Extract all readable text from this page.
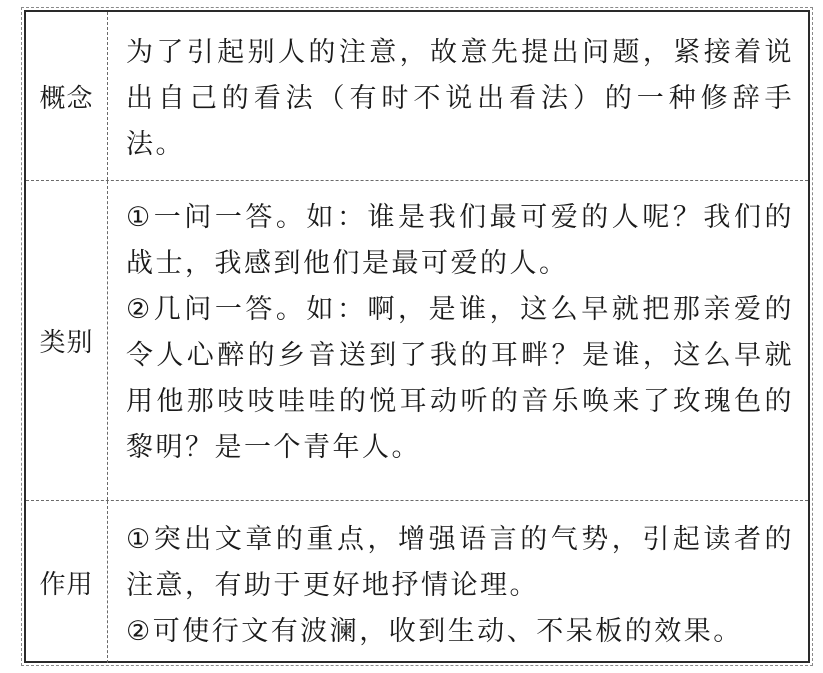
概念

为了引起别人的注意，故意先提出问题，紧接着说出自己的看法（有时不说出看法）的一种修辞手法。

类别

①一问一答。如：谁是我们最可爱的人呢？我们的战士，我感到他们是最可爱的人。

②几问一答。如：啊，是谁，这么早就把那亲爱的令人心醉的乡音送到了我的耳畔？是谁，这么早就用他那吱吱哇哇的悦耳动听的音乐唤来了玫瑰色的黎明？是一个青年人。

作用

①突出文章的重点，增强语言的气势，引起读者的注意，有助于更好地抒情论理。

②可使行文有波澜，收到生动、不呆板的效果。
